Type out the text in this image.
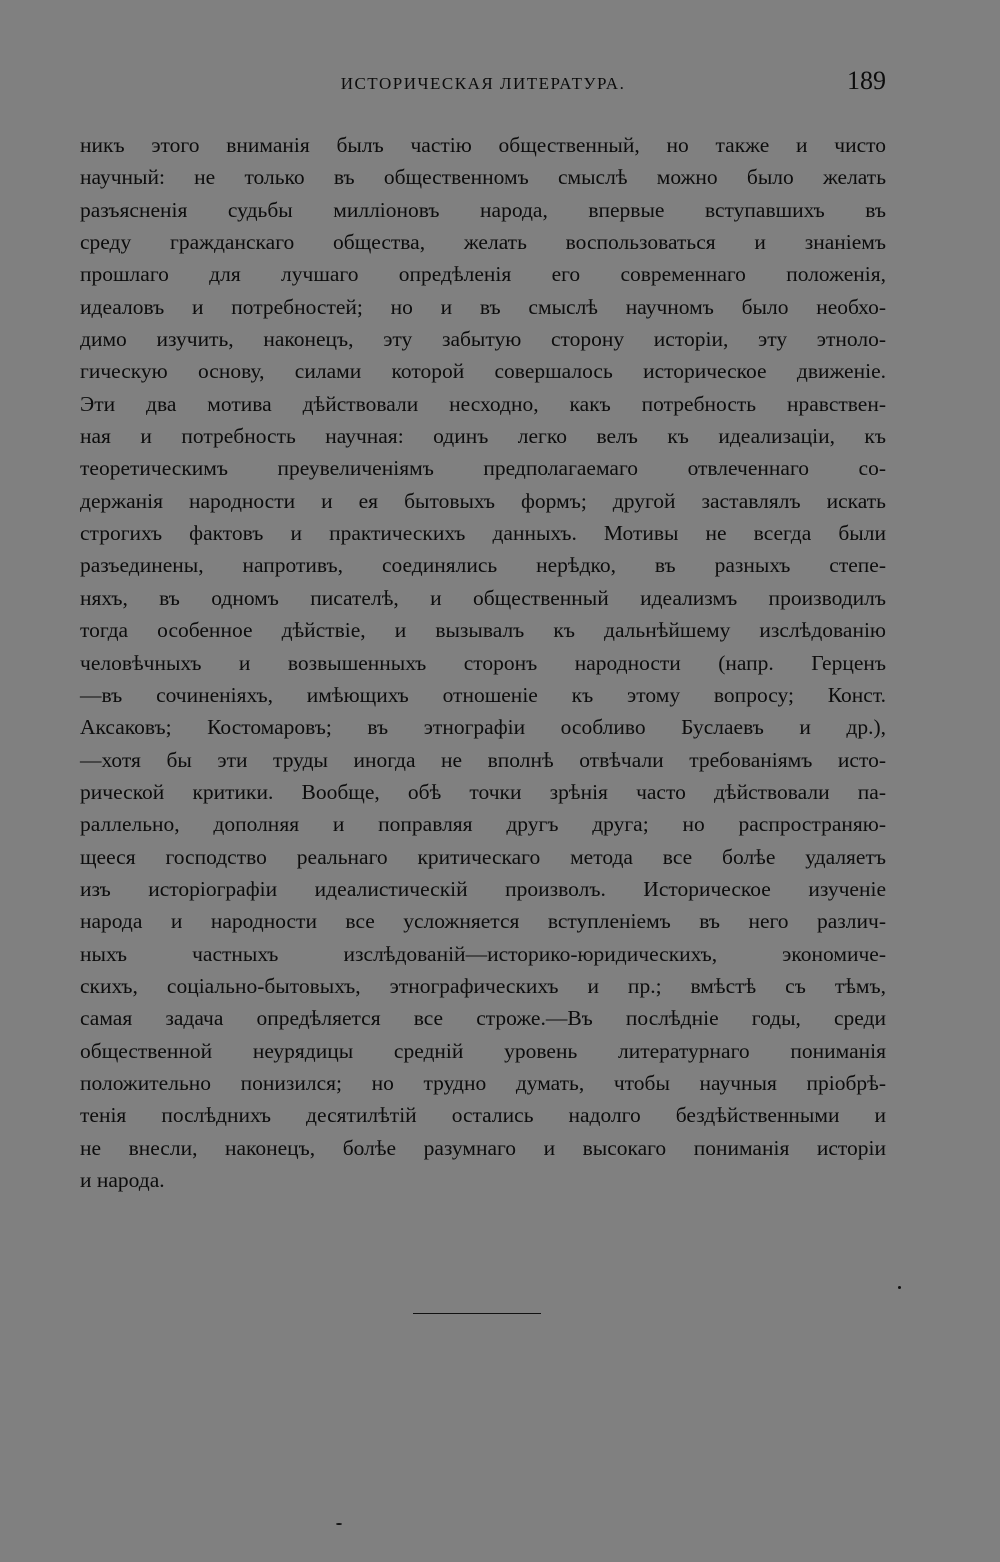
ИСТОРИЧЕСКАЯ ЛИТЕРАТУРА.	189
никъ этого вниманія былъ частію общественный, но также и чисто
научный: не только въ общественномъ смыслѣ можно было желать
разъясненія судьбы милліоновъ народа, впервые вступавшихъ въ
среду гражданскаго общества, желать воспользоваться и знаніемъ
прошлаго для лучшаго опредѣленія его современнаго положенія,
идеаловъ и потребностей; но и въ смыслѣ научномъ было необхо-
димо изучить, наконецъ, эту забытую сторону исторіи, эту этноло-
гическую основу, силами которой совершалось историческое движеніе.
Эти два мотива дѣйствовали несходно, какъ потребность нравствен-
ная и потребность научная: одинъ легко велъ къ идеализаціи, къ
теоретическимъ преувеличеніямъ предполагаемаго отвлеченнаго со-
держанія народности и ея бытовыхъ формъ; другой заставлялъ искать
строгихъ фактовъ и практическихъ данныхъ. Мотивы не всегда были
разъединены, напротивъ, соединялись нерѣдко, въ разныхъ степе-
няхъ, въ одномъ писателѣ, и общественный идеализмъ производилъ
тогда особенное дѣйствіе, и вызывалъ къ дальнѣйшему изслѣдованію
человѣчныхъ и возвышенныхъ сторонъ народности (напр. Герценъ
—въ сочиненіяхъ, имѣющихъ отношеніе къ этому вопросу; Конст.
Аксаковъ; Костомаровъ; въ этнографіи особливо Буслаевъ и др.),
—хотя бы эти труды иногда не вполнѣ отвѣчали требованіямъ исто-
рической критики. Вообще, обѣ точки зрѣнія часто дѣйствовали па-
раллельно, дополняя и поправляя другъ друга; но распространяю-
щееся господство реальнаго критическаго метода все болѣе удаляетъ
изъ исторіографіи идеалистическій произволъ. Историческое изученіе
народа и народности все усложняется вступленіемъ въ него различ-
ныхъ частныхъ изслѣдованій—историко-юридическихъ, экономиче-
скихъ, соціально-бытовыхъ, этнографическихъ и пр.; вмѣстѣ съ тѣмъ,
самая задача опредѣляется все строже.—Въ послѣдніе годы, среди
общественной неурядицы средній уровень литературнаго пониманія
положительно понизился; но трудно думать, чтобы научныя пріобрѣ-
тенія послѣднихъ десятилѣтій остались надолго бездѣйственными и
не внесли, наконецъ, болѣе разумнаго и высокаго пониманія исторіи
и народа.
